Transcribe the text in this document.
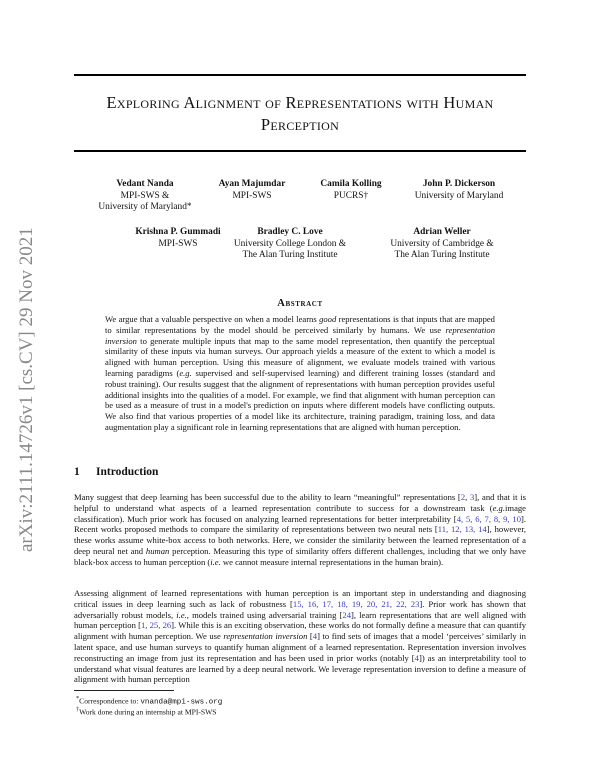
arXiv:2111.14726v1 [cs.CV] 29 Nov 2021
Exploring Alignment of Representations with Human
Perception
Vedant Nanda
MPI-SWS &
University of Maryland*
Ayan Majumdar
MPI-SWS
Camila Kolling
PUCRS†
John P. Dickerson
University of Maryland
Krishna P. Gummadi
MPI-SWS
Bradley C. Love
University College London &
The Alan Turing Institute
Adrian Weller
University of Cambridge &
The Alan Turing Institute
Abstract
We argue that a valuable perspective on when a model learns good representations is that inputs that are mapped to similar representations by the model should be perceived similarly by humans. We use representation inversion to generate multiple inputs that map to the same model representation, then quantify the perceptual similarity of these inputs via human surveys. Our approach yields a measure of the extent to which a model is aligned with human perception. Using this measure of alignment, we evaluate models trained with various learning paradigms (e.g. supervised and self-supervised learning) and different training losses (standard and robust training). Our results suggest that the alignment of representations with human perception provides useful additional insights into the qualities of a model. For example, we find that alignment with human perception can be used as a measure of trust in a model's prediction on inputs where different models have conflicting outputs. We also find that various properties of a model like its architecture, training paradigm, training loss, and data augmentation play a significant role in learning representations that are aligned with human perception.
1 Introduction
Many suggest that deep learning has been successful due to the ability to learn “meaningful” representations [2, 3], and that it is helpful to understand what aspects of a learned representation contribute to success for a downstream task (e.g.image classification). Much prior work has focused on analyzing learned representations for better interpretability [4, 5, 6, 7, 8, 9, 10]. Recent works proposed methods to compare the similarity of representations between two neural nets [11, 12, 13, 14], however, these works assume white-box access to both networks. Here, we consider the similarity between the learned representation of a deep neural net and human perception. Measuring this type of similarity offers different challenges, including that we only have black-box access to human perception (i.e. we cannot measure internal representations in the human brain).
Assessing alignment of learned representations with human perception is an important step in understanding and diagnosing critical issues in deep learning such as lack of robustness [15, 16, 17, 18, 19, 20, 21, 22, 23]. Prior work has shown that adversarially robust models, i.e., models trained using adversarial training [24], learn representations that are well aligned with human perception [1, 25, 26]. While this is an exciting observation, these works do not formally define a measure that can quantify alignment with human perception. We use representation inversion [4] to find sets of images that a model ‘perceives’ similarly in latent space, and use human surveys to quantify human alignment of a learned representation. Representation inversion involves reconstructing an image from just its representation and has been used in prior works (notably [4]) as an interpretability tool to understand what visual features are learned by a deep neural network. We leverage representation inversion to define a measure of alignment with human perception
*Correspondence to: vnanda@mpi-sws.org
†Work done during an internship at MPI-SWS
